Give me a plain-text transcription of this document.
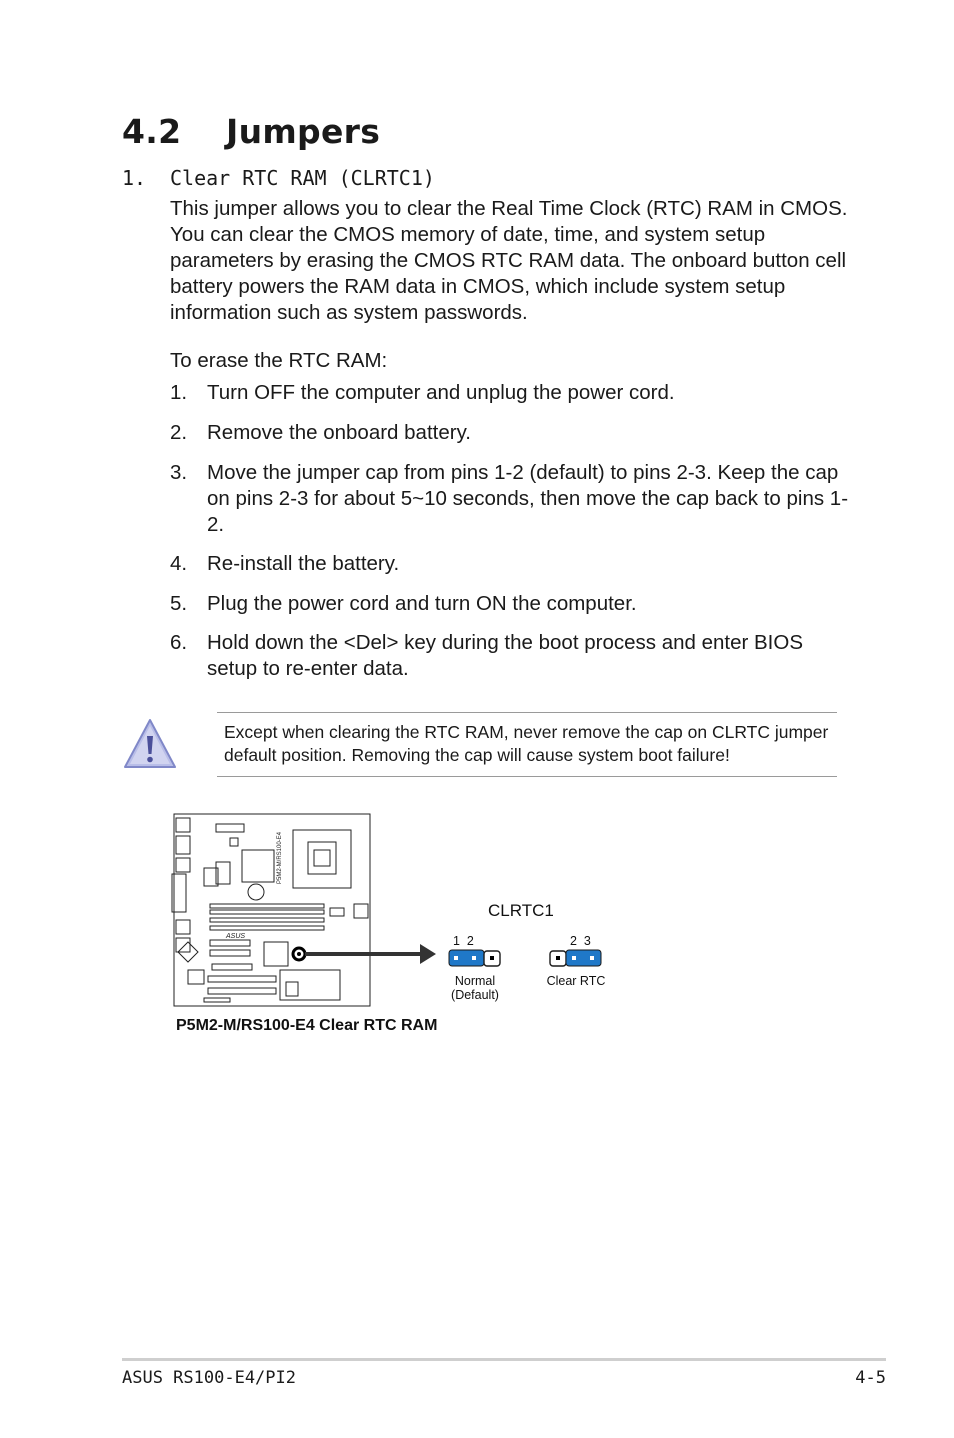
4.2 Jumpers
1. Clear RTC RAM (CLRTC1)
This jumper allows you to clear the Real Time Clock (RTC) RAM in CMOS. You can clear the CMOS memory of date, time, and system setup parameters by erasing the CMOS RTC RAM data. The onboard button cell battery powers the RAM data in CMOS, which include system setup information such as system passwords.
To erase the RTC RAM:
1. Turn OFF the computer and unplug the power cord.
2. Remove the onboard battery.
3. Move the jumper cap from pins 1-2 (default) to pins 2-3. Keep the cap on pins 2-3 for about 5~10 seconds, then move the cap back to pins 1-2.
4. Re-install the battery.
5. Plug the power cord and turn ON the computer.
6. Hold down the <Del> key during the boot process and enter BIOS setup to re-enter data.
Except when clearing the RTC RAM, never remove the cap on CLRTC jumper default position. Removing the cap will cause system boot failure!
P5M2-M/RS100-E4
ASUS
CLRTC1
1  2
Normal
(Default)
2  3
Clear RTC
P5M2-M/RS100-E4 Clear RTC RAM
ASUS RS100-E4/PI2	4-5
